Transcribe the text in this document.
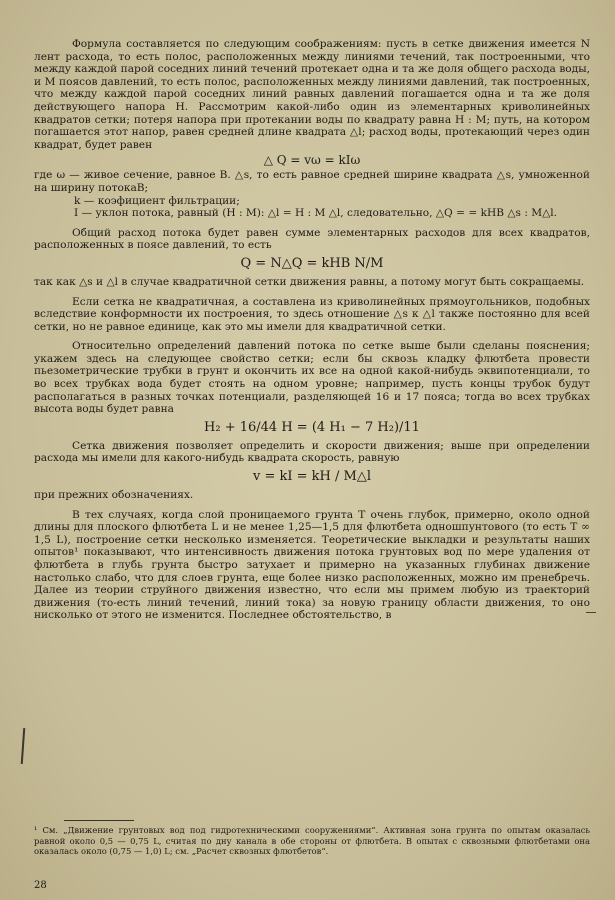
Формула составляется по следующим соображениям: пусть в сетке движения имеется N лент расхода, то есть полос, расположенных между линиями течений, так построенными, что между каждой парой соседних линий течений протекает одна и та же доля общего расхода воды, и M поясов давлений, то есть полос, расположенных между линиями давлений, так построенных, что между каждой парой соседних линий равных давлений погашается одна и та же доля действующего напора H. Рассмотрим какой-либо один из элементарных криволинейных квадратов сетки; потеря напора при протекании воды по квадрату равна H : M; путь, на котором погашается этот напор, равен средней длине квадрата △l; расход воды, протекающий через один квадрат, будет равен

△ Q = vω = kIω

где ω — живое сечение, равное B. △s, то есть равное средней ширине квадрата △s, умноженной на ширину потокаB;

k — коэфициент фильтрации;

I — уклон потока, равный (H : M): △l = H : M △l, следовательно, △Q = = kHB △s : M△l.

Общий расход потока будет равен сумме элементарных расходов для всех квадратов, расположенных в поясе давлений, то есть

Q = N△Q = kHB N/M

так как △s и △l в случае квадратичной сетки движения равны, а потому могут быть сокращаемы.

Если сетка не квадратичная, а составлена из криволинейных прямоугольников, подобных вследствие конформности их построения, то здесь отношение △s к △l также постоянно для всей сетки, но не равное единице, как это мы имели для квадратичной сетки.

Относительно определений давлений потока по сетке выше были сделаны пояснения; укажем здесь на следующее свойство сетки; если бы сквозь кладку флютбета провести пьезометрические трубки в грунт и окончить их все на одной какой-нибудь эквипотенциали, то во всех трубках вода будет стоять на одном уровне; например, пусть концы трубок будут располагаться в разных точках потенциали, разделяющей 16 и 17 пояса; тогда во всех трубках высота воды будет равна

H₂ + 16/44 H = (4 H₁ − 7 H₂)/11

Сетка движения позволяет определить и скорости движения; выше при определении расхода мы имели для какого-нибудь квадрата скорость, равную

v = kI = kH / M△l

при прежних обозначениях.

В тех случаях, когда слой проницаемого грунта T очень глубок, примерно, около одной длины для плоского флютбета L и не менее 1,25—1,5 для флютбета одношпунтового (то есть T ∞ 1,5 L), построение сетки несколько изменяется. Теоретические выкладки и результаты наших опытов¹ показывают, что интенсивность движения потока грунтовых вод по мере удаления от флютбета в глубь грунта быстро затухает и примерно на указанных глубинах движение настолько слабо, что для слоев грунта, еще более низко расположенных, можно им пренебречь. Далее из теории струйного движения известно, что если мы примем любую из траекторий движения (то-есть линий течений, линий тока) за новую границу области движения, то оно нисколько от этого не изменится. Последнее обстоятельство, в

¹ См. „Движение грунтовых вод под гидротехническими сооружениями“. Активная зона грунта по опытам оказалась равной около 0,5 — 0,75 L, считая по дну канала в обе стороны от флютбета. В опытах с сквозными флютбетами она оказалась около (0,75 — 1,0) L; см. „Расчет сквозных флютбетов“.

28
